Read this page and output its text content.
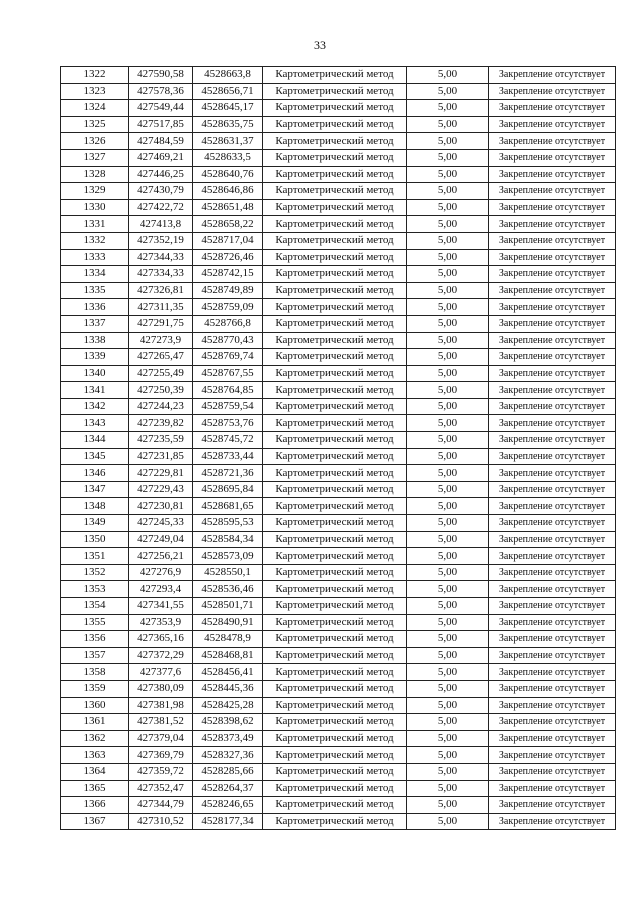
33
1322	427590,58	4528663,8	Картометрический метод	5,00	Закрепление отсутствует
1323	427578,36	4528656,71	Картометрический метод	5,00	Закрепление отсутствует
1324	427549,44	4528645,17	Картометрический метод	5,00	Закрепление отсутствует
1325	427517,85	4528635,75	Картометрический метод	5,00	Закрепление отсутствует
1326	427484,59	4528631,37	Картометрический метод	5,00	Закрепление отсутствует
1327	427469,21	4528633,5	Картометрический метод	5,00	Закрепление отсутствует
1328	427446,25	4528640,76	Картометрический метод	5,00	Закрепление отсутствует
1329	427430,79	4528646,86	Картометрический метод	5,00	Закрепление отсутствует
1330	427422,72	4528651,48	Картометрический метод	5,00	Закрепление отсутствует
1331	427413,8	4528658,22	Картометрический метод	5,00	Закрепление отсутствует
1332	427352,19	4528717,04	Картометрический метод	5,00	Закрепление отсутствует
1333	427344,33	4528726,46	Картометрический метод	5,00	Закрепление отсутствует
1334	427334,33	4528742,15	Картометрический метод	5,00	Закрепление отсутствует
1335	427326,81	4528749,89	Картометрический метод	5,00	Закрепление отсутствует
1336	427311,35	4528759,09	Картометрический метод	5,00	Закрепление отсутствует
1337	427291,75	4528766,8	Картометрический метод	5,00	Закрепление отсутствует
1338	427273,9	4528770,43	Картометрический метод	5,00	Закрепление отсутствует
1339	427265,47	4528769,74	Картометрический метод	5,00	Закрепление отсутствует
1340	427255,49	4528767,55	Картометрический метод	5,00	Закрепление отсутствует
1341	427250,39	4528764,85	Картометрический метод	5,00	Закрепление отсутствует
1342	427244,23	4528759,54	Картометрический метод	5,00	Закрепление отсутствует
1343	427239,82	4528753,76	Картометрический метод	5,00	Закрепление отсутствует
1344	427235,59	4528745,72	Картометрический метод	5,00	Закрепление отсутствует
1345	427231,85	4528733,44	Картометрический метод	5,00	Закрепление отсутствует
1346	427229,81	4528721,36	Картометрический метод	5,00	Закрепление отсутствует
1347	427229,43	4528695,84	Картометрический метод	5,00	Закрепление отсутствует
1348	427230,81	4528681,65	Картометрический метод	5,00	Закрепление отсутствует
1349	427245,33	4528595,53	Картометрический метод	5,00	Закрепление отсутствует
1350	427249,04	4528584,34	Картометрический метод	5,00	Закрепление отсутствует
1351	427256,21	4528573,09	Картометрический метод	5,00	Закрепление отсутствует
1352	427276,9	4528550,1	Картометрический метод	5,00	Закрепление отсутствует
1353	427293,4	4528536,46	Картометрический метод	5,00	Закрепление отсутствует
1354	427341,55	4528501,71	Картометрический метод	5,00	Закрепление отсутствует
1355	427353,9	4528490,91	Картометрический метод	5,00	Закрепление отсутствует
1356	427365,16	4528478,9	Картометрический метод	5,00	Закрепление отсутствует
1357	427372,29	4528468,81	Картометрический метод	5,00	Закрепление отсутствует
1358	427377,6	4528456,41	Картометрический метод	5,00	Закрепление отсутствует
1359	427380,09	4528445,36	Картометрический метод	5,00	Закрепление отсутствует
1360	427381,98	4528425,28	Картометрический метод	5,00	Закрепление отсутствует
1361	427381,52	4528398,62	Картометрический метод	5,00	Закрепление отсутствует
1362	427379,04	4528373,49	Картометрический метод	5,00	Закрепление отсутствует
1363	427369,79	4528327,36	Картометрический метод	5,00	Закрепление отсутствует
1364	427359,72	4528285,66	Картометрический метод	5,00	Закрепление отсутствует
1365	427352,47	4528264,37	Картометрический метод	5,00	Закрепление отсутствует
1366	427344,79	4528246,65	Картометрический метод	5,00	Закрепление отсутствует
1367	427310,52	4528177,34	Картометрический метод	5,00	Закрепление отсутствует
